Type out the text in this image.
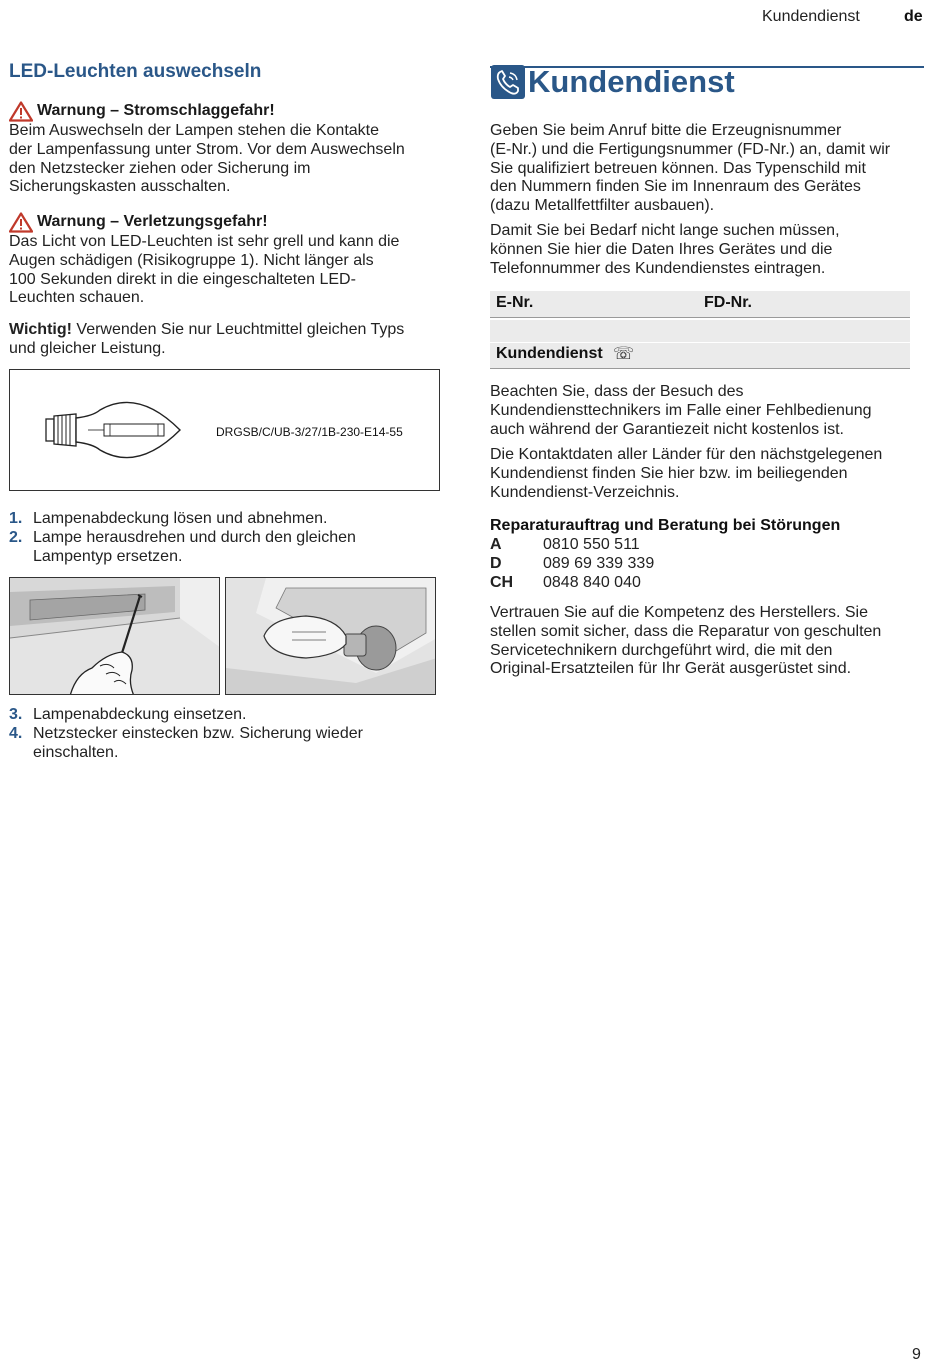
Kundendienst	de
LED-Leuchten auswechseln
Warnung – Stromschlaggefahr!

Beim Auswechseln der Lampen stehen die Kontakte

der Lampenfassung unter Strom. Vor dem Auswechseln

den Netzstecker ziehen oder Sicherung im

Sicherungskasten ausschalten.

Warnung – Verletzungsgefahr!

Das Licht von LED-Leuchten ist sehr grell und kann die

Augen schädigen (Risikogruppe 1). Nicht länger als

100 Sekunden direkt in die eingeschalteten LED-

Leuchten schauen.

Wichtig! Verwenden Sie nur Leuchtmittel gleichen Typs

und gleicher Leistung.

DRGSB/C/UB-3/27/1B-230-E14-55
1. Lampenabdeckung lösen und abnehmen.

2. Lampe herausdrehen und durch den gleichen

Lampentyp ersetzen.

3. Lampenabdeckung einsetzen.

4. Netzstecker einstecken bzw. Sicherung wieder

einschalten.

Kundendienst

Geben Sie beim Anruf bitte die Erzeugnisnummer

(E-Nr.) und die Fertigungsnummer (FD-Nr.) an, damit wir

Sie qualifiziert betreuen können. Das Typenschild mit

den Nummern finden Sie im Innenraum des Gerätes

(dazu Metallfettfilter ausbauen).

Damit Sie bei Bedarf nicht lange suchen müssen,

können Sie hier die Daten Ihres Gerätes und die

Telefonnummer des Kundendienstes eintragen.

E-Nr.	FD-Nr.
Kundendienst ☏

Beachten Sie, dass der Besuch des

Kundendiensttechnikers im Falle einer Fehlbedienung

auch während der Garantiezeit nicht kostenlos ist.

Die Kontaktdaten aller Länder für den nächstgelegenen

Kundendienst finden Sie hier bzw. im beiliegenden

Kundendienst-Verzeichnis.

Reparaturauftrag und Beratung bei Störungen
A	0810 550 511
D	089 69 339 339
CH	0848 840 040

Vertrauen Sie auf die Kompetenz des Herstellers. Sie

stellen somit sicher, dass die Reparatur von geschulten

Servicetechnikern durchgeführt wird, die mit den

Original-Ersatzteilen für Ihr Gerät ausgerüstet sind.

9
